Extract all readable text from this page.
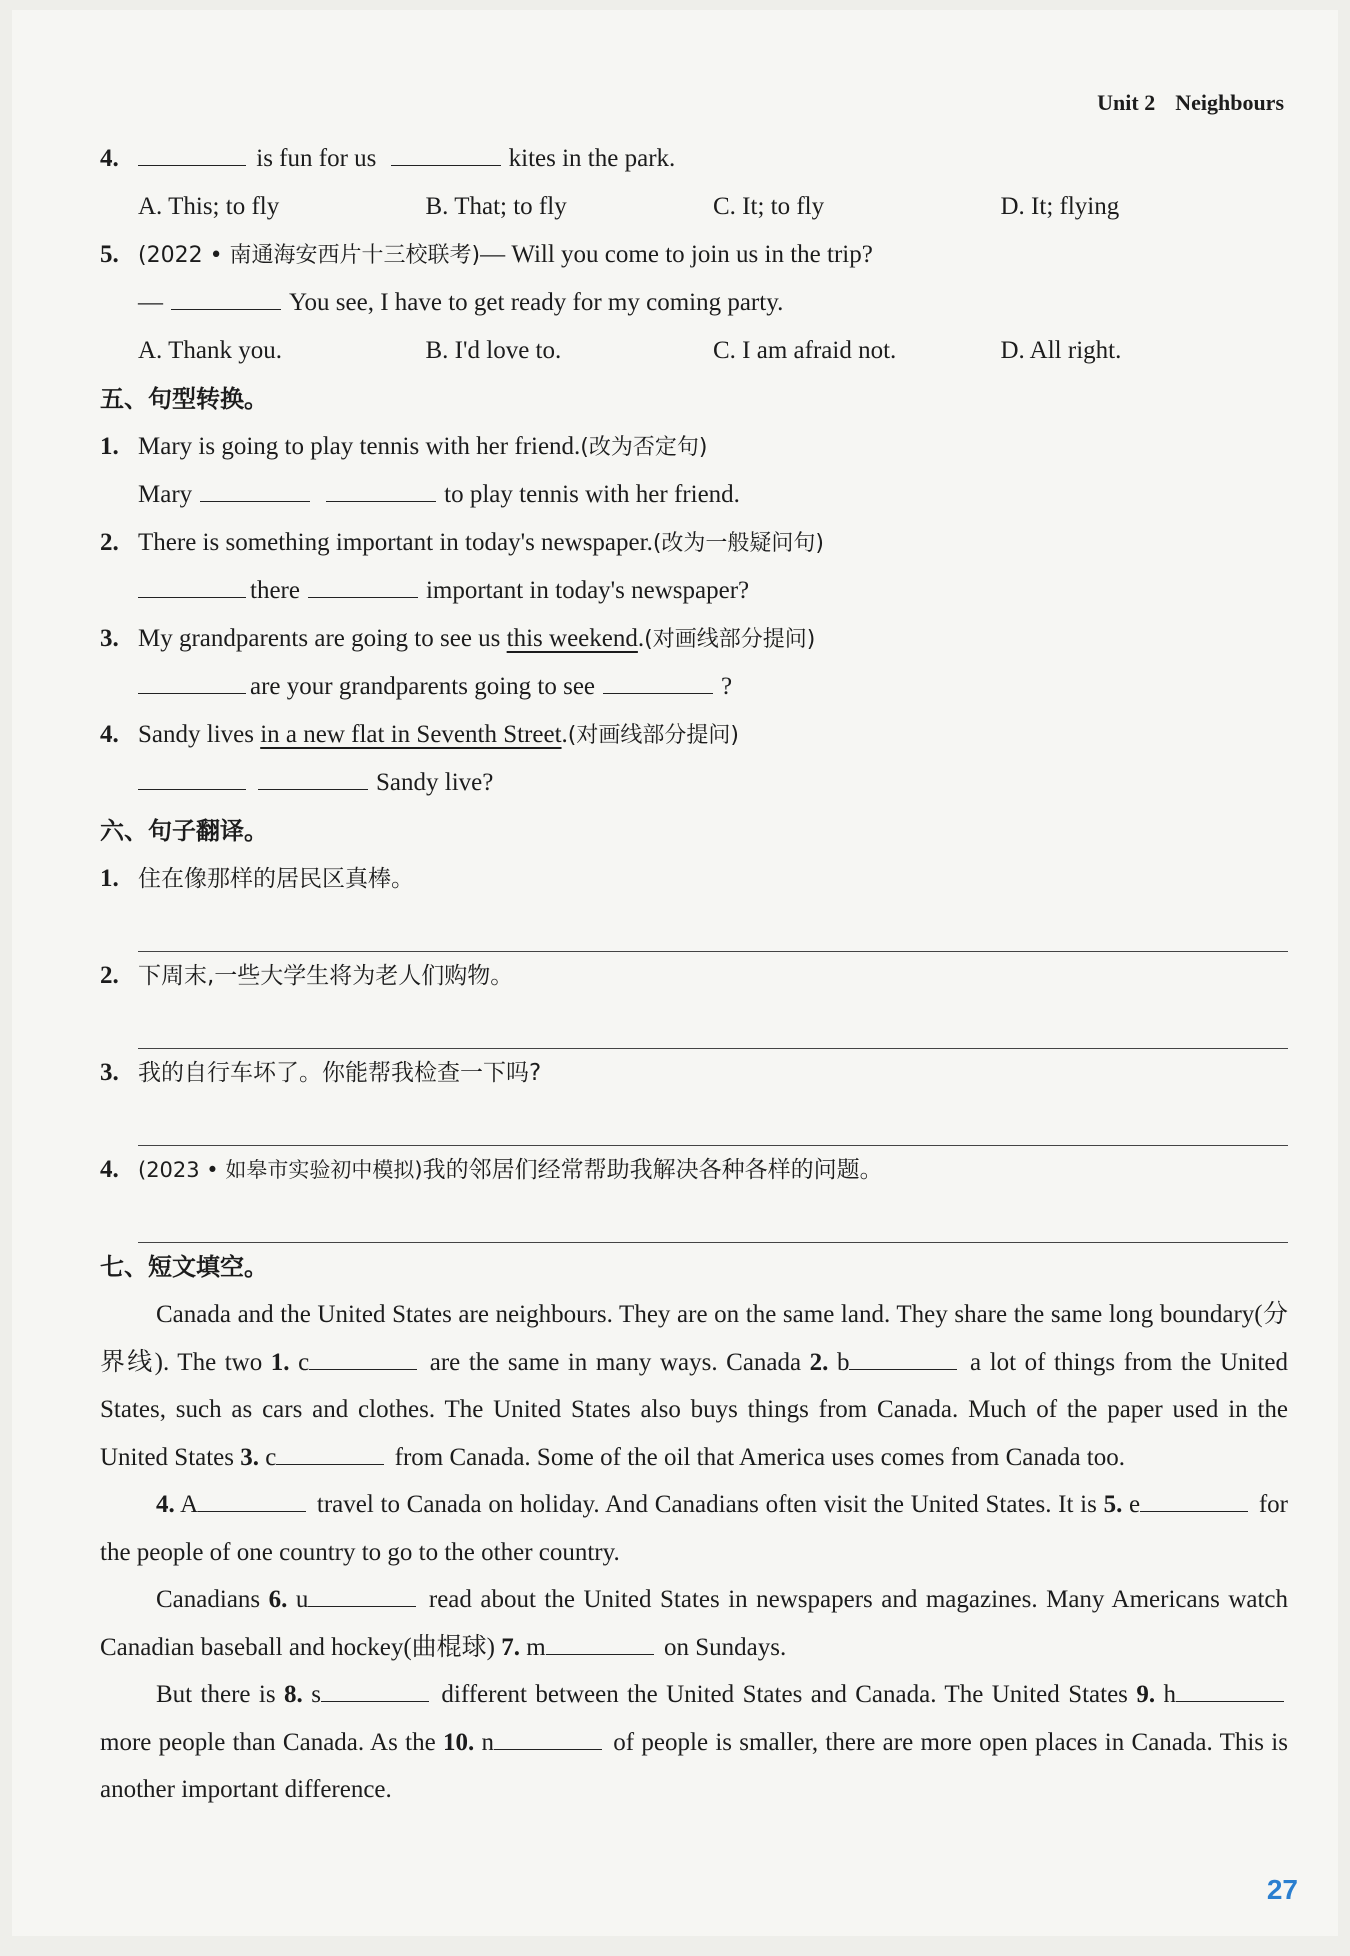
Unit 2 Neighbours
4.	is fun for us	kites in the park.
A. This; to fly	B. That; to fly	C. It; to fly	D. It; flying
5. (2022 • 南通海安西片十三校联考)— Will you come to join us in the trip?
—	You see, I have to get ready for my coming party.
A. Thank you.	B. I'd love to.	C. I am afraid not.	D. All right.
五、句型转换。
1. Mary is going to play tennis with her friend.(改为否定句)
Mary	to play tennis with her friend.
2. There is something important in today's newspaper.(改为一般疑问句)
there	important in today's newspaper?
3. My grandparents are going to see us this weekend.(对画线部分提问)
are your grandparents going to see	?
4. Sandy lives in a new flat in Seventh Street.(对画线部分提问)
Sandy live?
六、句子翻译。
1. 住在像那样的居民区真棒。
2. 下周末,一些大学生将为老人们购物。
3. 我的自行车坏了。你能帮我检查一下吗?
4. (2023 • 如皋市实验初中模拟)我的邻居们经常帮助我解决各种各样的问题。
七、短文填空。

Canada and the United States are neighbours. They are on the same land. They share the same long boundary(分界线). The two 1. c	are the same in many ways. Canada 2. b	a lot of things from the United States, such as cars and clothes. The United States also buys things from Canada. Much of the paper used in the United States 3. c	from Canada. Some of the oil that America uses comes from Canada too.

4. A	travel to Canada on holiday. And Canadians often visit the United States. It is 5. e	for the people of one country to go to the other country.

Canadians 6. u	read about the United States in newspapers and magazines. Many Americans watch Canadian baseball and hockey(曲棍球) 7. m	on Sundays.

But there is 8. s	different between the United States and Canada. The United States 9. h	more people than Canada. As the 10. n	of people is smaller, there are more open places in Canada. This is another important difference.

27
